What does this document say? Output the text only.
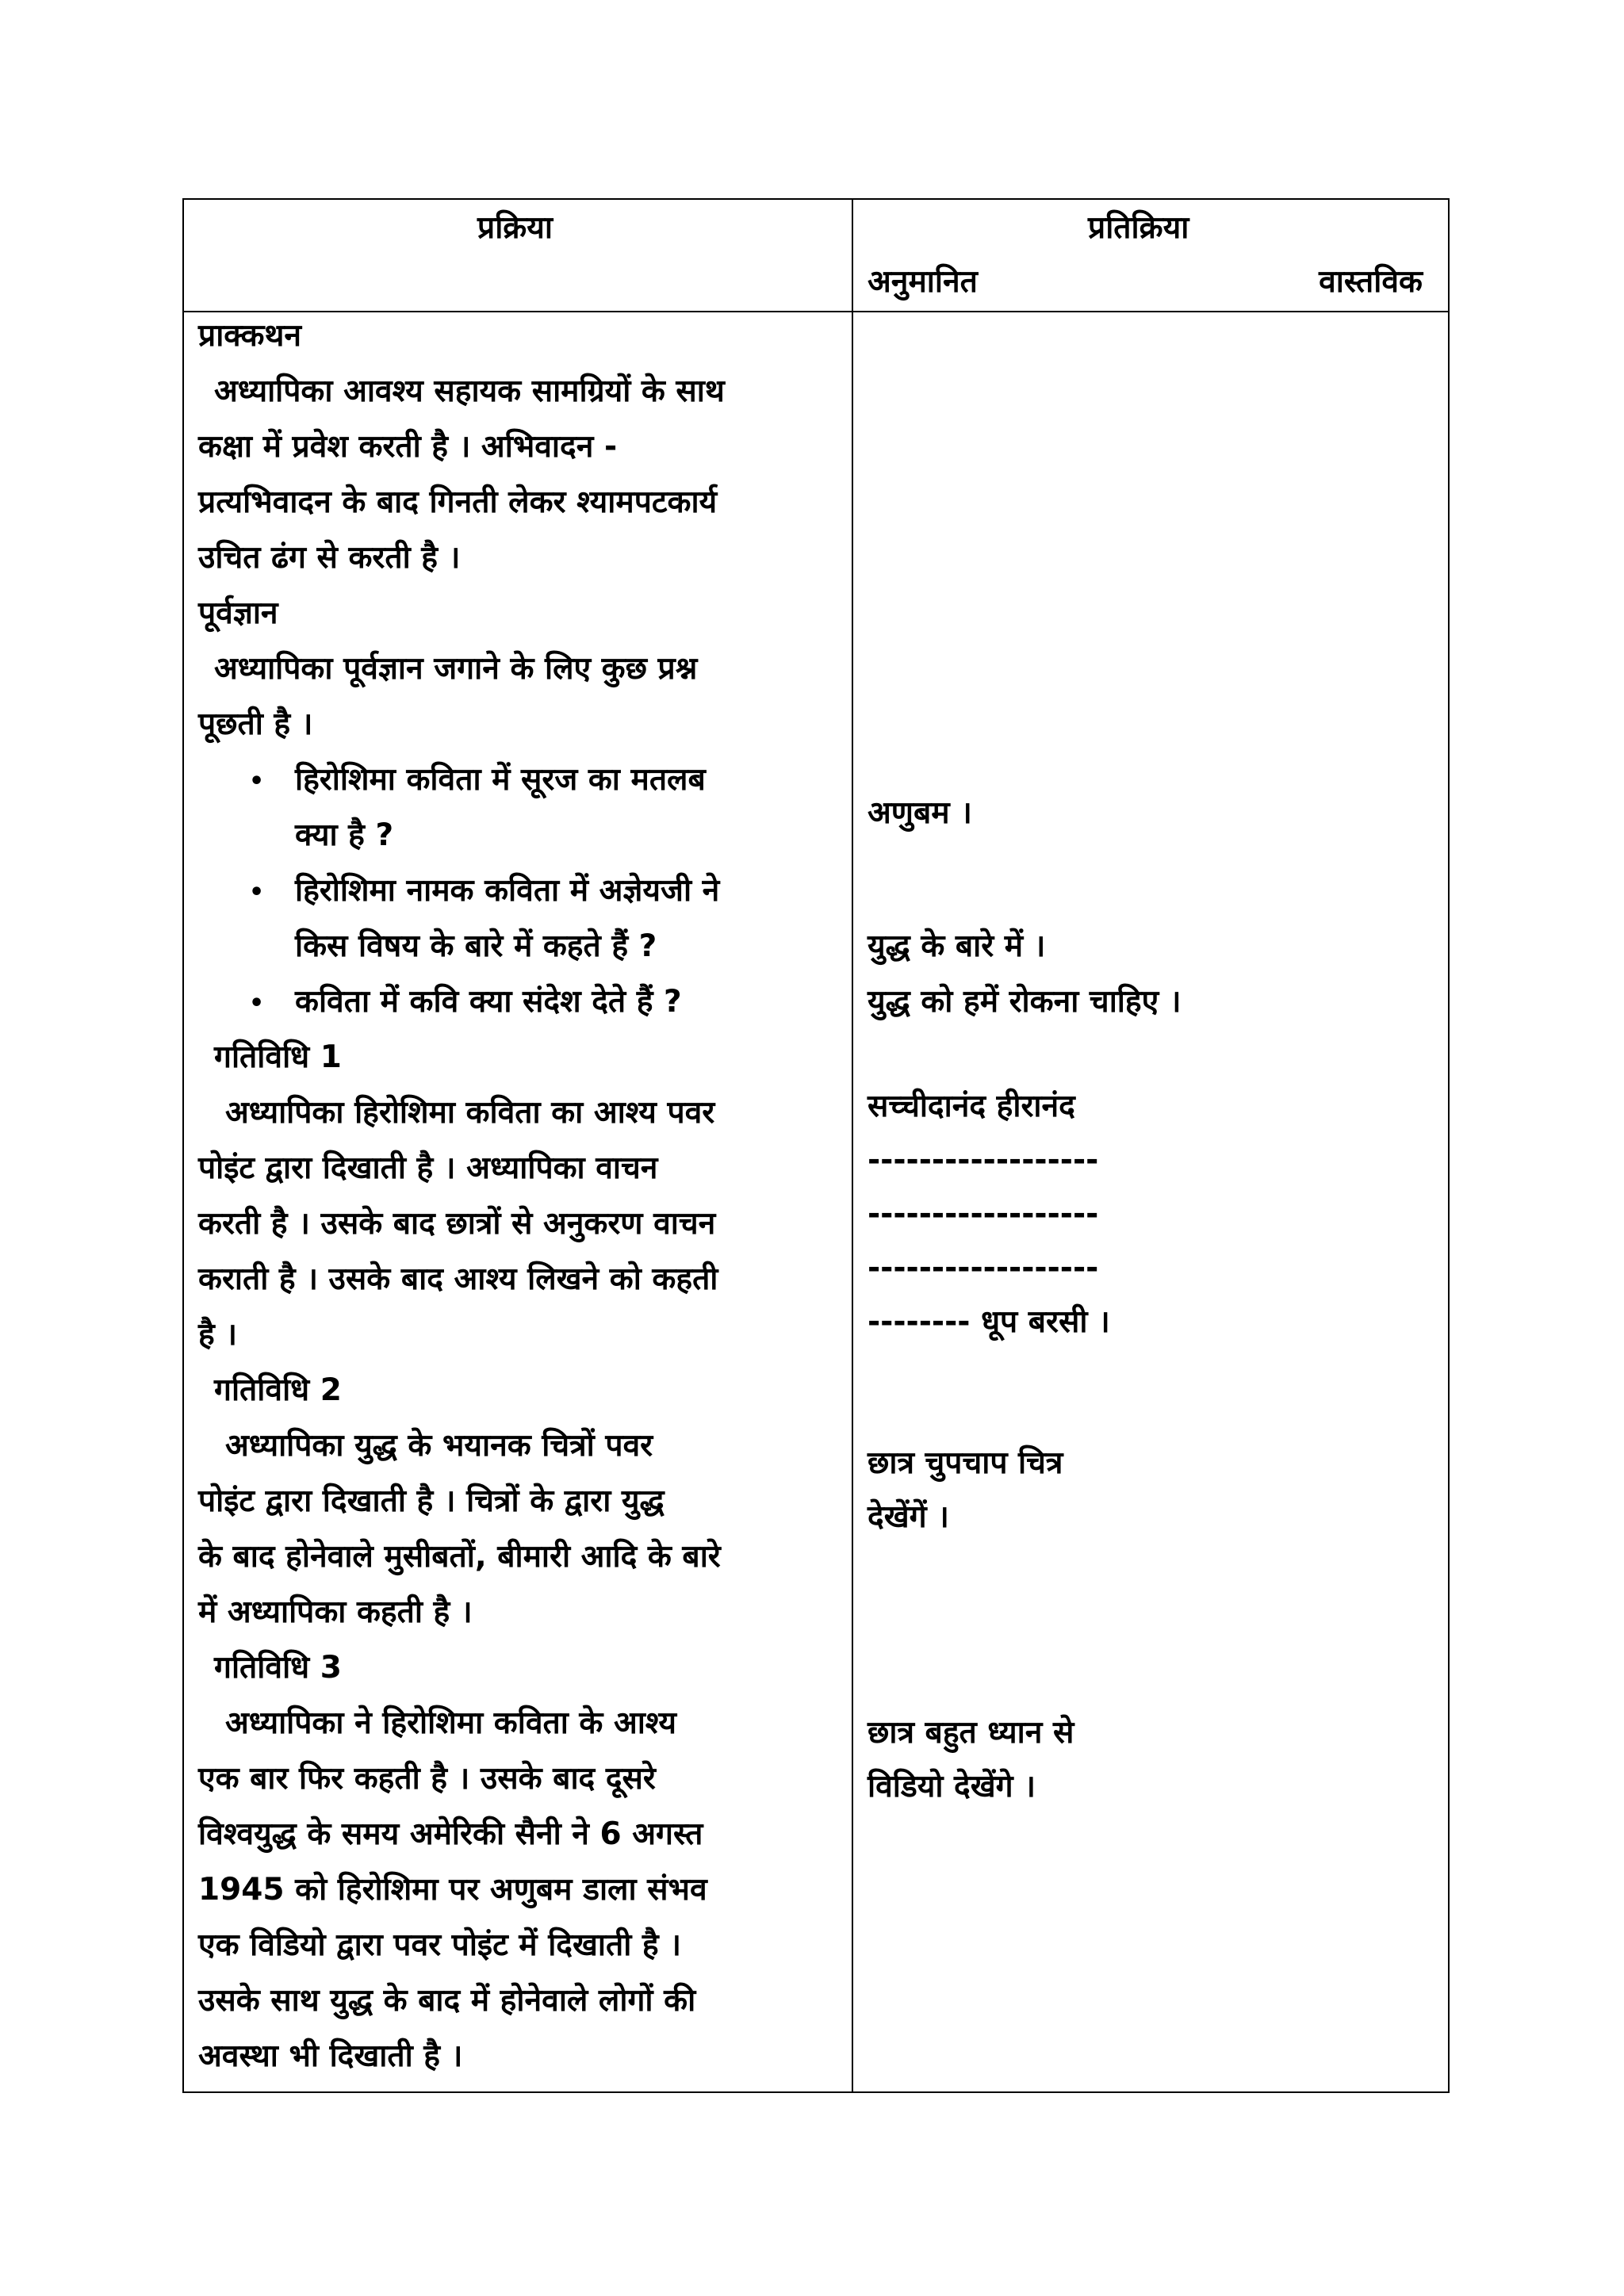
प्रक्रिया	प्रतिक्रिया

अनुमानित	वास्तविक

प्राक्कथन

अध्यापिका आवश्य सहायक सामग्रियों के साथ

कक्षा में प्रवेश करती है । अभिवादन -

प्रत्यभिवादन के बाद गिनती लेकर श्यामपटकार्य

उचित ढंग से करती है ।

पूर्वज्ञान

अध्यापिका पूर्वज्ञान जगाने के लिए कुछ प्रश्न

पूछती है ।

• हिरोशिमा कविता में सूरज का मतलब

क्या है ?

• हिरोशिमा नामक कविता में अज्ञेयजी ने

किस विषय के बारे में कहते हैं ?

• कविता में कवि क्या संदेश देते हैं ?

गतिविधि 1

अध्यापिका हिरोशिमा कविता का आश्य पवर

पोइंट द्वारा दिखाती है । अध्यापिका वाचन

करती है । उसके बाद छात्रों से अनुकरण वाचन

कराती है । उसके बाद आश्य लिखने को कहती

है ।

गतिविधि 2

अध्यापिका युद्ध के भयानक चित्रों पवर

पोइंट द्वारा दिखाती है । चित्रों के द्वारा युद्ध

के बाद होनेवाले मुसीबतों, बीमारी आदि के बारे

में अध्यापिका कहती है ।

गतिविधि 3

अध्यापिका ने हिरोशिमा कविता के आश्य

एक बार फिर कहती है । उसके बाद दूसरे

विश्वयुद्ध के समय अमेरिकी सैनी ने 6 अगस्त

1945 को हिरोशिमा पर अणुबम डाला संभव

एक विडियो द्वारा पवर पोइंट में दिखाती है ।

उसके साथ युद्ध के बाद में होनेवाले लोगों की

अवस्था भी दिखाती है ।

अणुबम ।

युद्ध के बारे में ।

युद्ध को हमें रोकना चाहिए ।

सच्चीदानंद हीरानंद

------------------

------------------

------------------

-------- धूप बरसी ।

छात्र चुपचाप चित्र

देखेंगें ।

छात्र बहुत ध्यान से

विडियो देखेंगे ।
